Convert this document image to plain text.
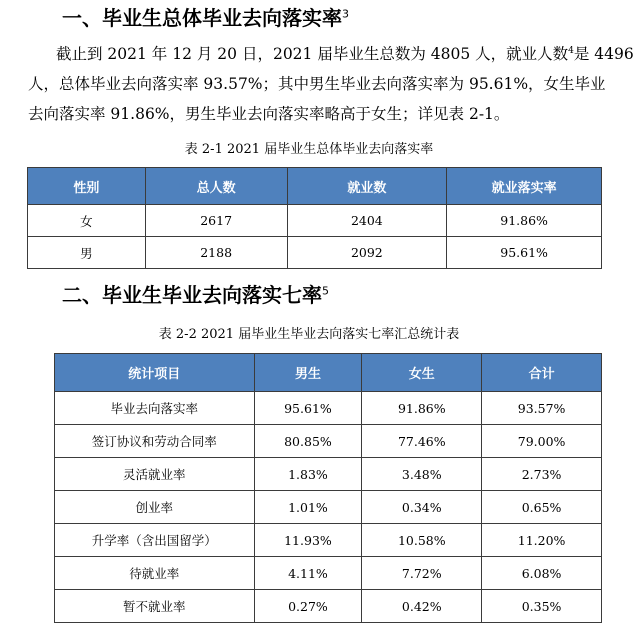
一、毕业生总体毕业去向落实率$^3$
截止到 2021 年 12 月 20 日，2021 届毕业生总数为 4805 人，就业人数$^4$是 4496
人，总体毕业去向落实率 93.57%；其中男生毕业去向落实率为 95.61%，女生毕业
去向落实率 91.86%，男生毕业去向落实率略高于女生；详见表 2-1。
表 2-1 2021 届毕业生总体毕业去向落实率
性别	总人数	就业数	就业落实率
女	2617	2404	91.86%
男	2188	2092	95.61%
二、毕业生毕业去向落实七率$^5$
表 2-2 2021 届毕业生毕业去向落实七率汇总统计表
统计项目	男生	女生	合计
毕业去向落实率	95.61%	91.86%	93.57%
签订协议和劳动合同率	80.85%	77.46%	79.00%
灵活就业率	1.83%	3.48%	2.73%
创业率	1.01%	0.34%	0.65%
升学率（含出国留学）	11.93%	10.58%	11.20%
待就业率	4.11%	7.72%	6.08%
暂不就业率	0.27%	0.42%	0.35%
